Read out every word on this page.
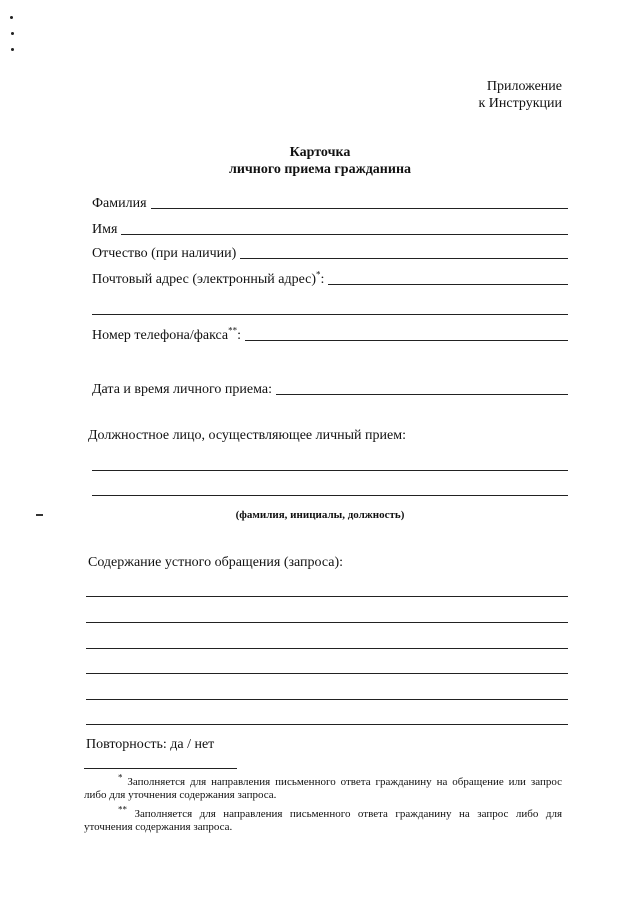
Приложение
к Инструкции
Карточка
личного приема гражданина
Фамилия
Имя
Отчество (при наличии)
Почтовый адрес (электронный адрес)*:
Номер телефона/факса**:
Дата и время личного приема:
Должностное лицо, осуществляющее личный прием:
(фамилия, инициалы, должность)
Содержание устного обращения (запроса):
Повторность: да / нет

* Заполняется для направления письменного ответа гражданину на обращение или запрос либо для уточнения содержания запроса.

** Заполняется для направления письменного ответа гражданину на запрос либо для уточнения содержания запроса.
